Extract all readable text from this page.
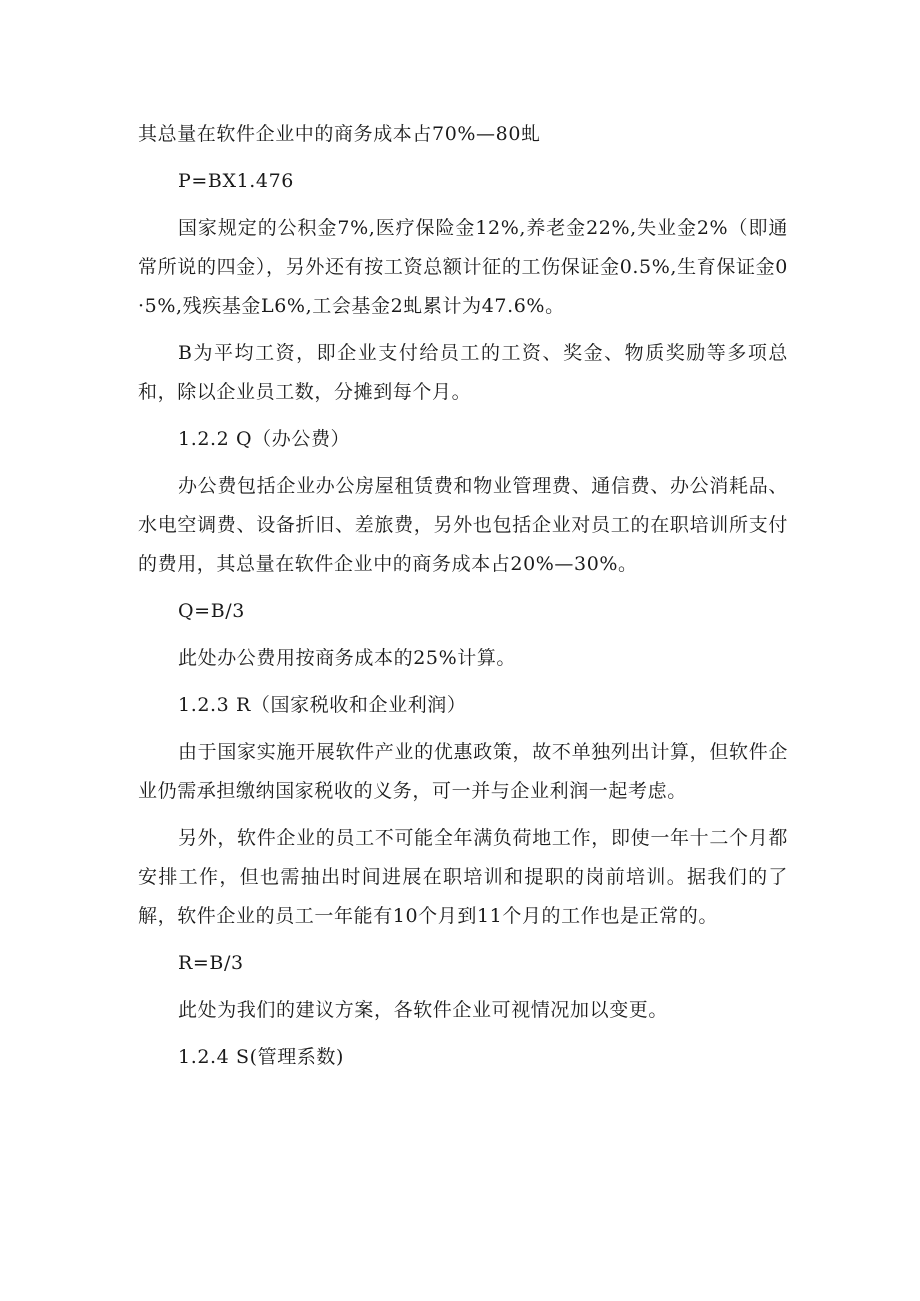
其总量在软件企业中的商务成本占70%—80虬

P=BX1.476

国家规定的公积金7%,医疗保险金12%,养老金22%,失业金2%（即通常所说的四金），另外还有按工资总额计征的工伤保证金0.5%,生育保证金0·5%,残疾基金L6%,工会基金2虬累计为47.6%。

B为平均工资，即企业支付给员工的工资、奖金、物质奖励等多项总和，除以企业员工数，分摊到每个月。

1.2.2 Q（办公费）

办公费包括企业办公房屋租赁费和物业管理费、通信费、办公消耗品、水电空调费、设备折旧、差旅费，另外也包括企业对员工的在职培训所支付的费用，其总量在软件企业中的商务成本占20%—30%。

Q=B/3

此处办公费用按商务成本的25%计算。

1.2.3 R（国家税收和企业利润）

由于国家实施开展软件产业的优惠政策，故不单独列出计算，但软件企业仍需承担缴纳国家税收的义务，可一并与企业利润一起考虑。

另外，软件企业的员工不可能全年满负荷地工作，即使一年十二个月都安排工作，但也需抽出时间进展在职培训和提职的岗前培训。据我们的了解，软件企业的员工一年能有10个月到11个月的工作也是正常的。

R=B/3

此处为我们的建议方案，各软件企业可视情况加以变更。

1.2.4 S(管理系数)
